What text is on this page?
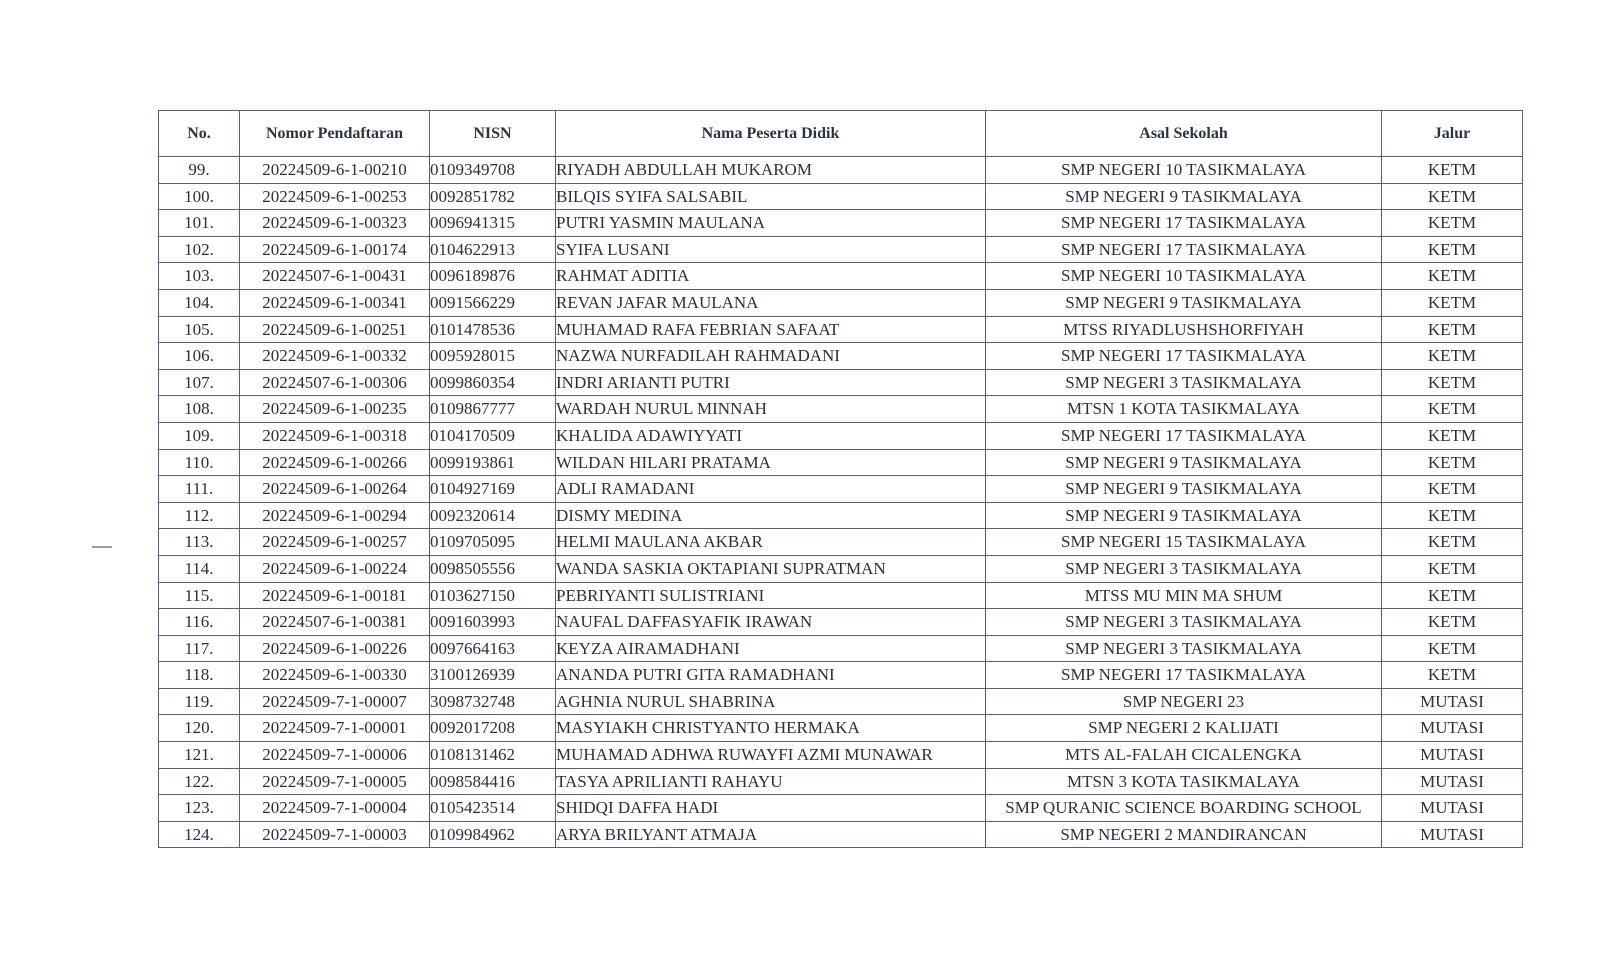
No.	Nomor Pendaftaran	NISN	Nama Peserta Didik	Asal Sekolah	Jalur
99.	20224509-6-1-00210	0109349708	RIYADH ABDULLAH MUKAROM	SMP NEGERI 10 TASIKMALAYA	KETM
100.	20224509-6-1-00253	0092851782	BILQIS SYIFA SALSABIL	SMP NEGERI 9 TASIKMALAYA	KETM
101.	20224509-6-1-00323	0096941315	PUTRI YASMIN MAULANA	SMP NEGERI 17 TASIKMALAYA	KETM
102.	20224509-6-1-00174	0104622913	SYIFA LUSANI	SMP NEGERI 17 TASIKMALAYA	KETM
103.	20224507-6-1-00431	0096189876	RAHMAT ADITIA	SMP NEGERI 10 TASIKMALAYA	KETM
104.	20224509-6-1-00341	0091566229	REVAN JAFAR MAULANA	SMP NEGERI 9 TASIKMALAYA	KETM
105.	20224509-6-1-00251	0101478536	MUHAMAD RAFA FEBRIAN SAFAAT	MTSS RIYADLUSHSHORFIYAH	KETM
106.	20224509-6-1-00332	0095928015	NAZWA NURFADILAH RAHMADANI	SMP NEGERI 17 TASIKMALAYA	KETM
107.	20224507-6-1-00306	0099860354	INDRI ARIANTI PUTRI	SMP NEGERI 3 TASIKMALAYA	KETM
108.	20224509-6-1-00235	0109867777	WARDAH NURUL MINNAH	MTSN 1 KOTA TASIKMALAYA	KETM
109.	20224509-6-1-00318	0104170509	KHALIDA ADAWIYYATI	SMP NEGERI 17 TASIKMALAYA	KETM
110.	20224509-6-1-00266	0099193861	WILDAN HILARI PRATAMA	SMP NEGERI 9 TASIKMALAYA	KETM
111.	20224509-6-1-00264	0104927169	ADLI RAMADANI	SMP NEGERI 9 TASIKMALAYA	KETM
112.	20224509-6-1-00294	0092320614	DISMY MEDINA	SMP NEGERI 9 TASIKMALAYA	KETM
113.	20224509-6-1-00257	0109705095	HELMI MAULANA AKBAR	SMP NEGERI 15 TASIKMALAYA	KETM
114.	20224509-6-1-00224	0098505556	WANDA SASKIA OKTAPIANI SUPRATMAN	SMP NEGERI 3 TASIKMALAYA	KETM
115.	20224509-6-1-00181	0103627150	PEBRIYANTI SULISTRIANI	MTSS MU MIN MA SHUM	KETM
116.	20224507-6-1-00381	0091603993	NAUFAL DAFFASYAFIK IRAWAN	SMP NEGERI 3 TASIKMALAYA	KETM
117.	20224509-6-1-00226	0097664163	KEYZA AIRAMADHANI	SMP NEGERI 3 TASIKMALAYA	KETM
118.	20224509-6-1-00330	3100126939	ANANDA PUTRI GITA RAMADHANI	SMP NEGERI 17 TASIKMALAYA	KETM
119.	20224509-7-1-00007	3098732748	AGHNIA NURUL SHABRINA	SMP NEGERI 23	MUTASI
120.	20224509-7-1-00001	0092017208	MASYIAKH CHRISTYANTO HERMAKA	SMP NEGERI 2 KALIJATI	MUTASI
121.	20224509-7-1-00006	0108131462	MUHAMAD ADHWA RUWAYFI AZMI MUNAWAR	MTS AL-FALAH CICALENGKA	MUTASI
122.	20224509-7-1-00005	0098584416	TASYA APRILIANTI RAHAYU	MTSN 3 KOTA TASIKMALAYA	MUTASI
123.	20224509-7-1-00004	0105423514	SHIDQI DAFFA HADI	SMP QURANIC SCIENCE BOARDING SCHOOL	MUTASI
124.	20224509-7-1-00003	0109984962	ARYA BRILYANT ATMAJA	SMP NEGERI 2 MANDIRANCAN	MUTASI
